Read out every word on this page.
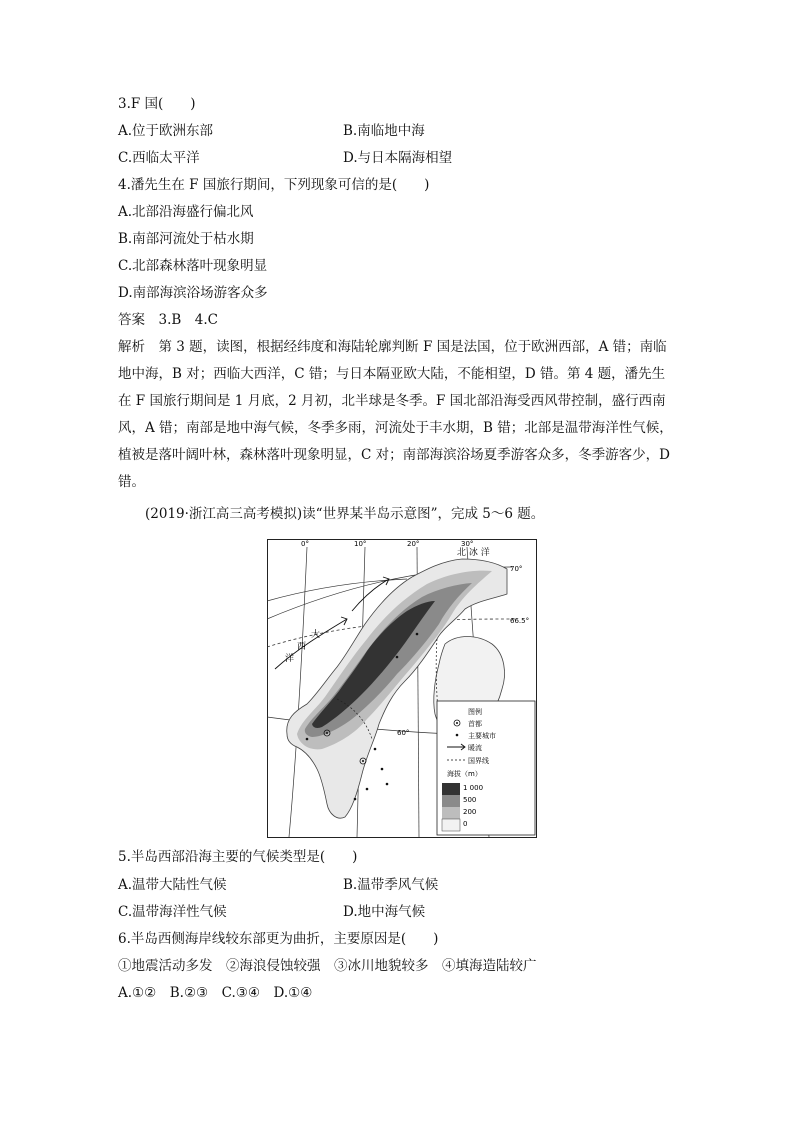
3.F 国(　　)
A.位于欧洲东部	B.南临地中海
C.西临太平洋	D.与日本隔海相望
4.潘先生在 F 国旅行期间，下列现象可信的是(　　)
A.北部沿海盛行偏北风
B.南部河流处于枯水期
C.北部森林落叶现象明显
D.南部海滨浴场游客众多
答案　3.B　4.C
解析　第 3 题，读图，根据经纬度和海陆轮廓判断 F 国是法国，位于欧洲西部，A 错；南临
地中海，B 对；西临大西洋，C 错；与日本隔亚欧大陆，不能相望，D 错。第 4 题，潘先生
在 F 国旅行期间是 1 月底，2 月初，北半球是冬季。F 国北部沿海受西风带控制，盛行西南
风，A 错；南部是地中海气候，冬季多雨，河流处于丰水期，B 错；北部是温带海洋性气候，
植被是落叶阔叶林，森林落叶现象明显，C 对；南部海滨浴场夏季游客众多，冬季游客少，D
错。
(2019·浙江高三高考模拟)读“世界某半岛示意图”，完成 5～6 题。
0°	10°	20°	30°
70°
66.5°
60°
北 冰 洋
大
西
洋
图例
首都
主要城市
暖流
国界线
海拔（m）
1 000
500
200
0
5.半岛西部沿海主要的气候类型是(　　)
A.温带大陆性气候	B.温带季风气候
C.温带海洋性气候	D.地中海气候
6.半岛西侧海岸线较东部更为曲折，主要原因是(　　)
①地震活动多发　②海浪侵蚀较强　③冰川地貌较多　④填海造陆较广
A.①②　B.②③　C.③④　D.①④
